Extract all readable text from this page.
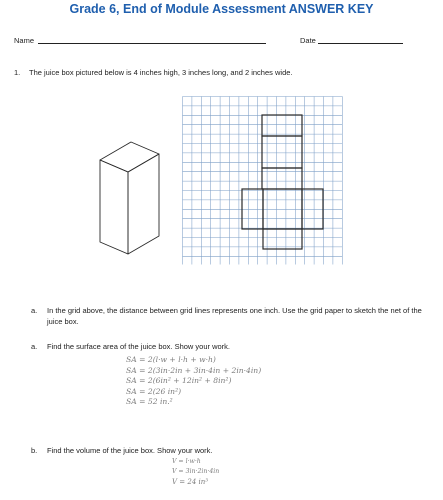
Grade 6, End of Module Assessment ANSWER KEY
Name	Date
1. The juice box pictured below is 4 inches high, 3 inches long, and 2 inches wide.
a. In the grid above, the distance between grid lines represents one inch. Use the grid paper to sketch the net of the juice box.
a. Find the surface area of the juice box. Show your work.
SA = 2(l·w + l·h + w·h)
SA = 2(3in·2in + 3in·4in + 2in·4in)
SA = 2(6in² + 12in² + 8in²)
SA = 2(26 in²)
SA = 52 in.²
b. Find the volume of the juice box. Show your work.
V = l·w·h
V = 3in·2in·4in
V = 24 in³
